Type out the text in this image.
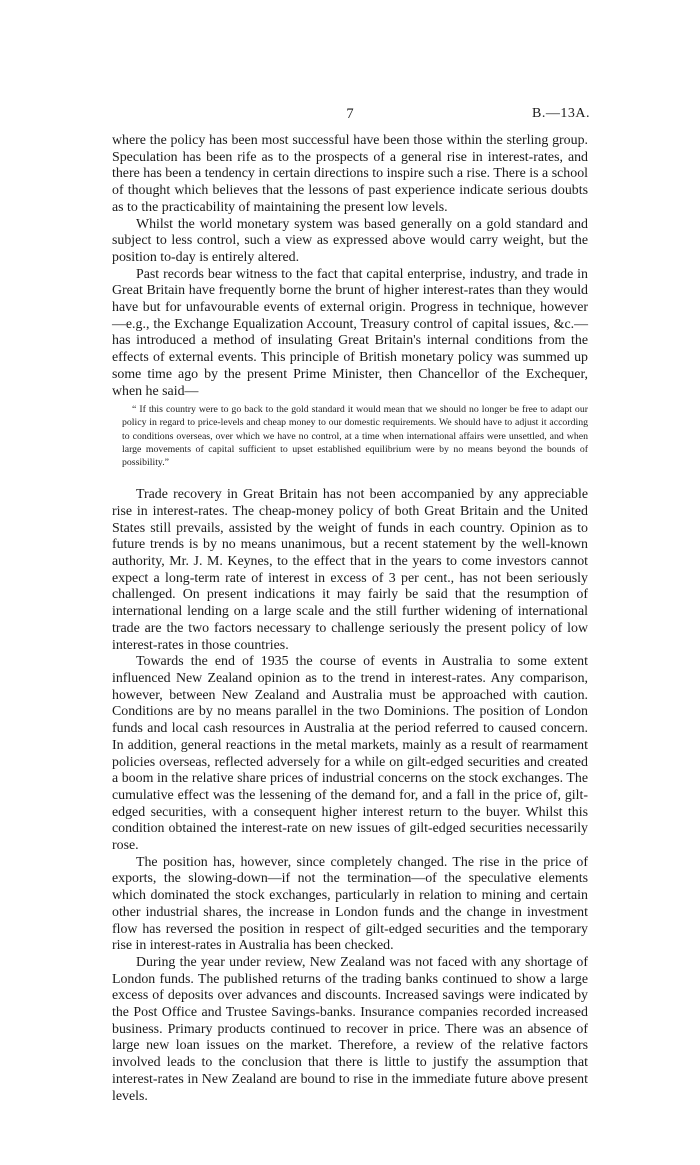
7	B.—13A.

where the policy has been most successful have been those within the sterling group. Speculation has been rife as to the prospects of a general rise in interest-rates, and there has been a tendency in certain directions to inspire such a rise. There is a school of thought which believes that the lessons of past experience indicate serious doubts as to the practicability of maintaining the present low levels.

Whilst the world monetary system was based generally on a gold standard and subject to less control, such a view as expressed above would carry weight, but the position to-day is entirely altered.

Past records bear witness to the fact that capital enterprise, industry, and trade in Great Britain have frequently borne the brunt of higher interest-rates than they would have but for unfavourable events of external origin. Progress in technique, however—e.g., the Exchange Equalization Account, Treasury control of capital issues, &c.—has introduced a method of insulating Great Britain's internal conditions from the effects of external events. This principle of British monetary policy was summed up some time ago by the present Prime Minister, then Chancellor of the Exchequer, when he said—

“ If this country were to go back to the gold standard it would mean that we should no longer be free to adapt our policy in regard to price-levels and cheap money to our domestic requirements. We should have to adjust it according to conditions overseas, over which we have no control, at a time when international affairs were unsettled, and when large movements of capital sufficient to upset established equilibrium were by no means beyond the bounds of possibility.”

Trade recovery in Great Britain has not been accompanied by any appreciable rise in interest-rates. The cheap-money policy of both Great Britain and the United States still prevails, assisted by the weight of funds in each country. Opinion as to future trends is by no means unanimous, but a recent statement by the well-known authority, Mr. J. M. Keynes, to the effect that in the years to come investors cannot expect a long-term rate of interest in excess of 3 per cent., has not been seriously challenged. On present indications it may fairly be said that the resumption of international lending on a large scale and the still further widening of international trade are the two factors necessary to challenge seriously the present policy of low interest-rates in those countries.

Towards the end of 1935 the course of events in Australia to some extent influenced New Zealand opinion as to the trend in interest-rates. Any comparison, however, between New Zealand and Australia must be approached with caution. Conditions are by no means parallel in the two Dominions. The position of London funds and local cash resources in Australia at the period referred to caused concern. In addition, general reactions in the metal markets, mainly as a result of rearmament policies overseas, reflected adversely for a while on gilt-edged securities and created a boom in the relative share prices of industrial concerns on the stock exchanges. The cumulative effect was the lessening of the demand for, and a fall in the price of, gilt-edged securities, with a consequent higher interest return to the buyer. Whilst this condition obtained the interest-rate on new issues of gilt-edged securities necessarily rose.

The position has, however, since completely changed. The rise in the price of exports, the slowing-down—if not the termination—of the speculative elements which dominated the stock exchanges, particularly in relation to mining and certain other industrial shares, the increase in London funds and the change in investment flow has reversed the position in respect of gilt-edged securities and the temporary rise in interest-rates in Australia has been checked.

During the year under review, New Zealand was not faced with any shortage of London funds. The published returns of the trading banks continued to show a large excess of deposits over advances and discounts. Increased savings were indicated by the Post Office and Trustee Savings-banks. Insurance companies recorded increased business. Primary products continued to recover in price. There was an absence of large new loan issues on the market. Therefore, a review of the relative factors involved leads to the conclusion that there is little to justify the assumption that interest-rates in New Zealand are bound to rise in the immediate future above present levels.
